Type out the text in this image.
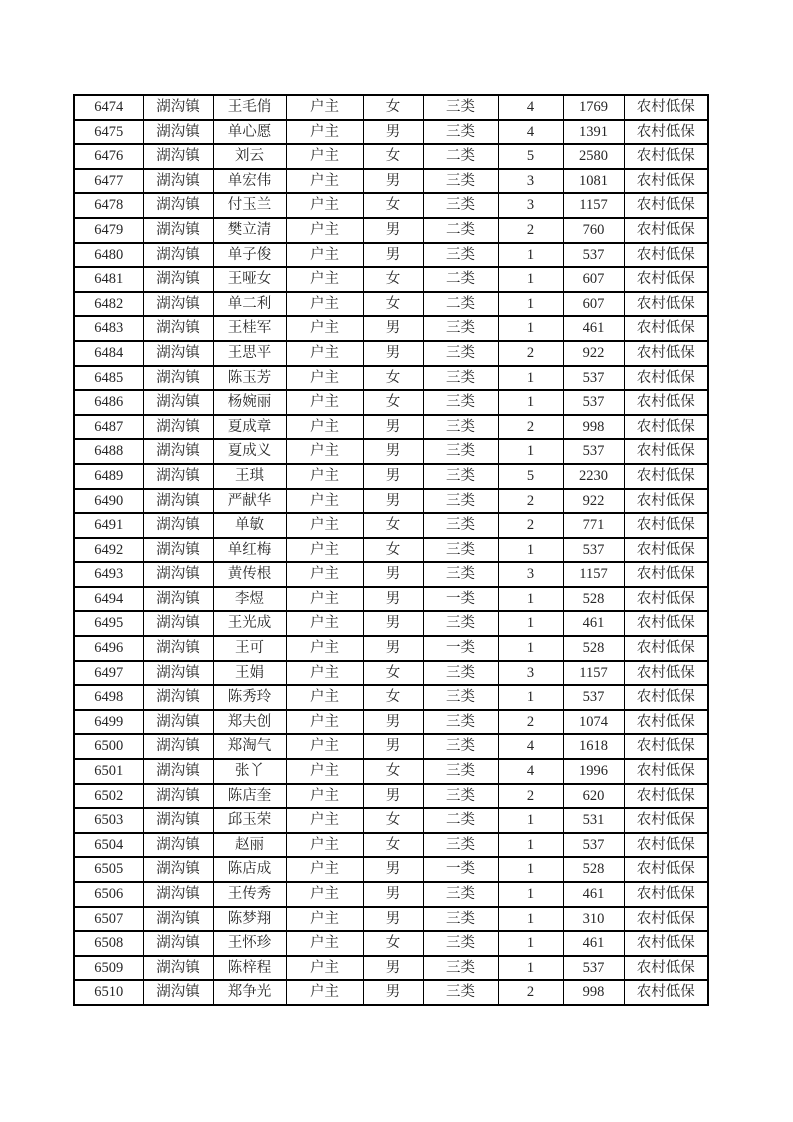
6474	湖沟镇	王毛俏	户主	女	三类	4	1769	农村低保
6475	湖沟镇	单心愿	户主	男	三类	4	1391	农村低保
6476	湖沟镇	刘云	户主	女	二类	5	2580	农村低保
6477	湖沟镇	单宏伟	户主	男	三类	3	1081	农村低保
6478	湖沟镇	付玉兰	户主	女	三类	3	1157	农村低保
6479	湖沟镇	樊立清	户主	男	二类	2	760	农村低保
6480	湖沟镇	单子俊	户主	男	三类	1	537	农村低保
6481	湖沟镇	王哑女	户主	女	二类	1	607	农村低保
6482	湖沟镇	单二利	户主	女	二类	1	607	农村低保
6483	湖沟镇	王桂军	户主	男	三类	1	461	农村低保
6484	湖沟镇	王思平	户主	男	三类	2	922	农村低保
6485	湖沟镇	陈玉芳	户主	女	三类	1	537	农村低保
6486	湖沟镇	杨婉丽	户主	女	三类	1	537	农村低保
6487	湖沟镇	夏成章	户主	男	三类	2	998	农村低保
6488	湖沟镇	夏成义	户主	男	三类	1	537	农村低保
6489	湖沟镇	王琪	户主	男	三类	5	2230	农村低保
6490	湖沟镇	严献华	户主	男	三类	2	922	农村低保
6491	湖沟镇	单敏	户主	女	三类	2	771	农村低保
6492	湖沟镇	单红梅	户主	女	三类	1	537	农村低保
6493	湖沟镇	黄传根	户主	男	三类	3	1157	农村低保
6494	湖沟镇	李煜	户主	男	一类	1	528	农村低保
6495	湖沟镇	王光成	户主	男	三类	1	461	农村低保
6496	湖沟镇	王可	户主	男	一类	1	528	农村低保
6497	湖沟镇	王娟	户主	女	三类	3	1157	农村低保
6498	湖沟镇	陈秀玲	户主	女	三类	1	537	农村低保
6499	湖沟镇	郑夫创	户主	男	三类	2	1074	农村低保
6500	湖沟镇	郑淘气	户主	男	三类	4	1618	农村低保
6501	湖沟镇	张丫	户主	女	三类	4	1996	农村低保
6502	湖沟镇	陈店奎	户主	男	三类	2	620	农村低保
6503	湖沟镇	邱玉荣	户主	女	二类	1	531	农村低保
6504	湖沟镇	赵丽	户主	女	三类	1	537	农村低保
6505	湖沟镇	陈店成	户主	男	一类	1	528	农村低保
6506	湖沟镇	王传秀	户主	男	三类	1	461	农村低保
6507	湖沟镇	陈梦翔	户主	男	三类	1	310	农村低保
6508	湖沟镇	王怀珍	户主	女	三类	1	461	农村低保
6509	湖沟镇	陈梓程	户主	男	三类	1	537	农村低保
6510	湖沟镇	郑争光	户主	男	三类	2	998	农村低保
